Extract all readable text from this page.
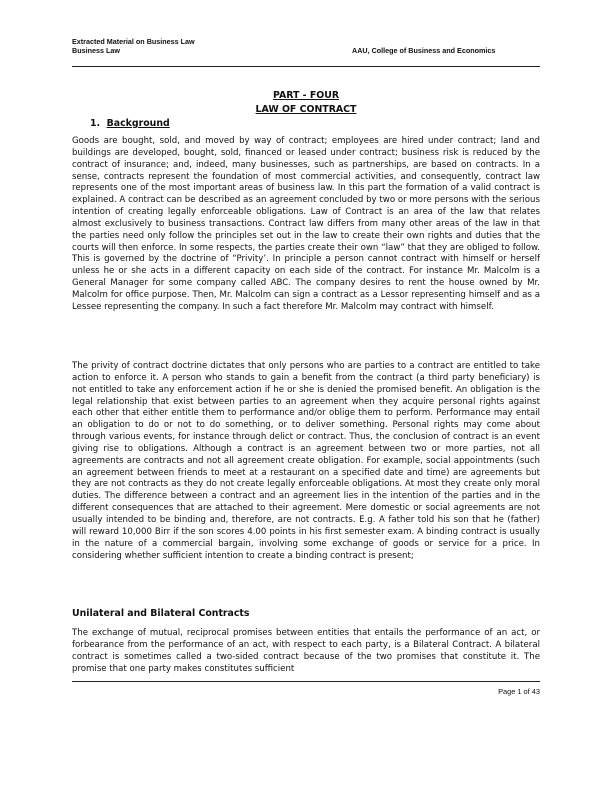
Extracted Material on Business Law
Business Law	AAU, College of Business and Economics
PART - FOUR
LAW OF CONTRACT
1. Background

Goods are bought, sold, and moved by way of contract; employees are hired under contract; land and buildings are developed, bought, sold, financed or leased under contract; business risk is reduced by the contract of insurance; and, indeed, many businesses, such as partnerships, are based on contracts. In a sense, contracts represent the foundation of most commercial activities, and consequently, contract law represents one of the most important areas of business law. In this part the formation of a valid contract is explained. A contract can be described as an agreement concluded by two or more persons with the serious intention of creating legally enforceable obligations. Law of Contract is an area of the law that relates almost exclusively to business transactions. Contract law differs from many other areas of the law in that the parties need only follow the principles set out in the law to create their own rights and duties that the courts will then enforce. In some respects, the parties create their own “law” that they are obliged to follow. This is governed by the doctrine of “Privity’. In principle a person cannot contract with himself or herself unless he or she acts in a different capacity on each side of the contract. For instance Mr. Malcolm is a General Manager for some company called ABC. The company desires to rent the house owned by Mr. Malcolm for office purpose. Then, Mr. Malcolm can sign a contract as a Lessor representing himself and as a Lessee representing the company. In such a fact therefore Mr. Malcolm may contract with himself.

The privity of contract doctrine dictates that only persons who are parties to a contract are entitled to take action to enforce it. A person who stands to gain a benefit from the contract (a third party beneficiary) is not entitled to take any enforcement action if he or she is denied the promised benefit. An obligation is the legal relationship that exist between parties to an agreement when they acquire personal rights against each other that either entitle them to performance and/or oblige them to perform. Performance may entail an obligation to do or not to do something, or to deliver something. Personal rights may come about through various events, for instance through delict or contract. Thus, the conclusion of contract is an event giving rise to obligations. Although a contract is an agreement between two or more parties, not all agreements are contracts and not all agreement create obligation. For example, social appointments (such an agreement between friends to meet at a restaurant on a specified date and time) are agreements but they are not contracts as they do not create legally enforceable obligations. At most they create only moral duties. The difference between a contract and an agreement lies in the intention of the parties and in the different consequences that are attached to their agreement. Mere domestic or social agreements are not usually intended to be binding and, therefore, are not contracts. E.g. A father told his son that he (father) will reward 10,000 Birr if the son scores 4.00 points in his first semester exam. A binding contract is usually in the nature of a commercial bargain, involving some exchange of goods or service for a price. In considering whether sufficient intention to create a binding contract is present;

Unilateral and Bilateral Contracts

The exchange of mutual, reciprocal promises between entities that entails the performance of an act, or forbearance from the performance of an act, with respect to each party, is a Bilateral Contract. A bilateral contract is sometimes called a two-sided contract because of the two promises that constitute it. The promise that one party makes constitutes sufficient

Page 1 of 43
